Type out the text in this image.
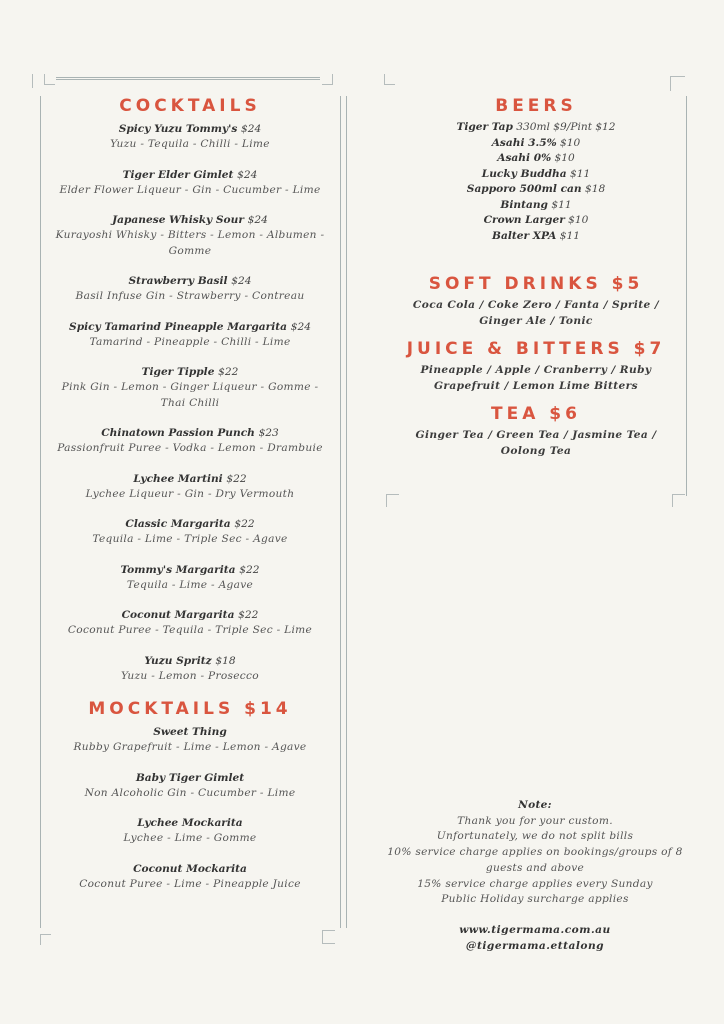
COCKTAILS
Spicy Yuzu Tommy's $24
Yuzu - Tequila - Chilli - Lime
Tiger Elder Gimlet $24
Elder Flower Liqueur - Gin - Cucumber - Lime
Japanese Whisky Sour $24
Kurayoshi Whisky - Bitters - Lemon - Albumen - Gomme
Strawberry Basil $24
Basil Infuse Gin - Strawberry - Contreau
Spicy Tamarind Pineapple Margarita $24
Tamarind - Pineapple - Chilli - Lime
Tiger Tipple $22
Pink Gin - Lemon - Ginger Liqueur - Gomme - Thai Chilli
Chinatown Passion Punch $23
Passionfruit Puree - Vodka - Lemon - Drambuie
Lychee Martini $22
Lychee Liqueur - Gin - Dry Vermouth
Classic Margarita $22
Tequila - Lime - Triple Sec - Agave
Tommy's Margarita $22
Tequila - Lime - Agave
Coconut Margarita $22
Coconut Puree - Tequila - Triple Sec - Lime
Yuzu Spritz $18
Yuzu - Lemon - Prosecco
MOCKTAILS $14
Sweet Thing
Rubby Grapefruit - Lime - Lemon - Agave
Baby Tiger Gimlet
Non Alcoholic Gin - Cucumber - Lime
Lychee Mockarita
Lychee - Lime - Gomme
Coconut Mockarita
Coconut Puree - Lime - Pineapple Juice
BEERS
Tiger Tap 330ml $9/Pint $12
Asahi 3.5% $10
Asahi 0% $10
Lucky Buddha $11
Sapporo 500ml can $18
Bintang $11
Crown Larger $10
Balter XPA $11
SOFT DRINKS $5
Coca Cola / Coke Zero / Fanta / Sprite /
Ginger Ale / Tonic
JUICE & BITTERS $7
Pineapple / Apple / Cranberry / Ruby
Grapefruit / Lemon Lime Bitters
TEA $6
Ginger Tea / Green Tea / Jasmine Tea /
Oolong Tea
Note:
Thank you for your custom.
Unfortunately, we do not split bills
10% service charge applies on bookings/groups of 8
guests and above
15% service charge applies every Sunday
Public Holiday surcharge applies
www.tigermama.com.au
@tigermama.ettalong
